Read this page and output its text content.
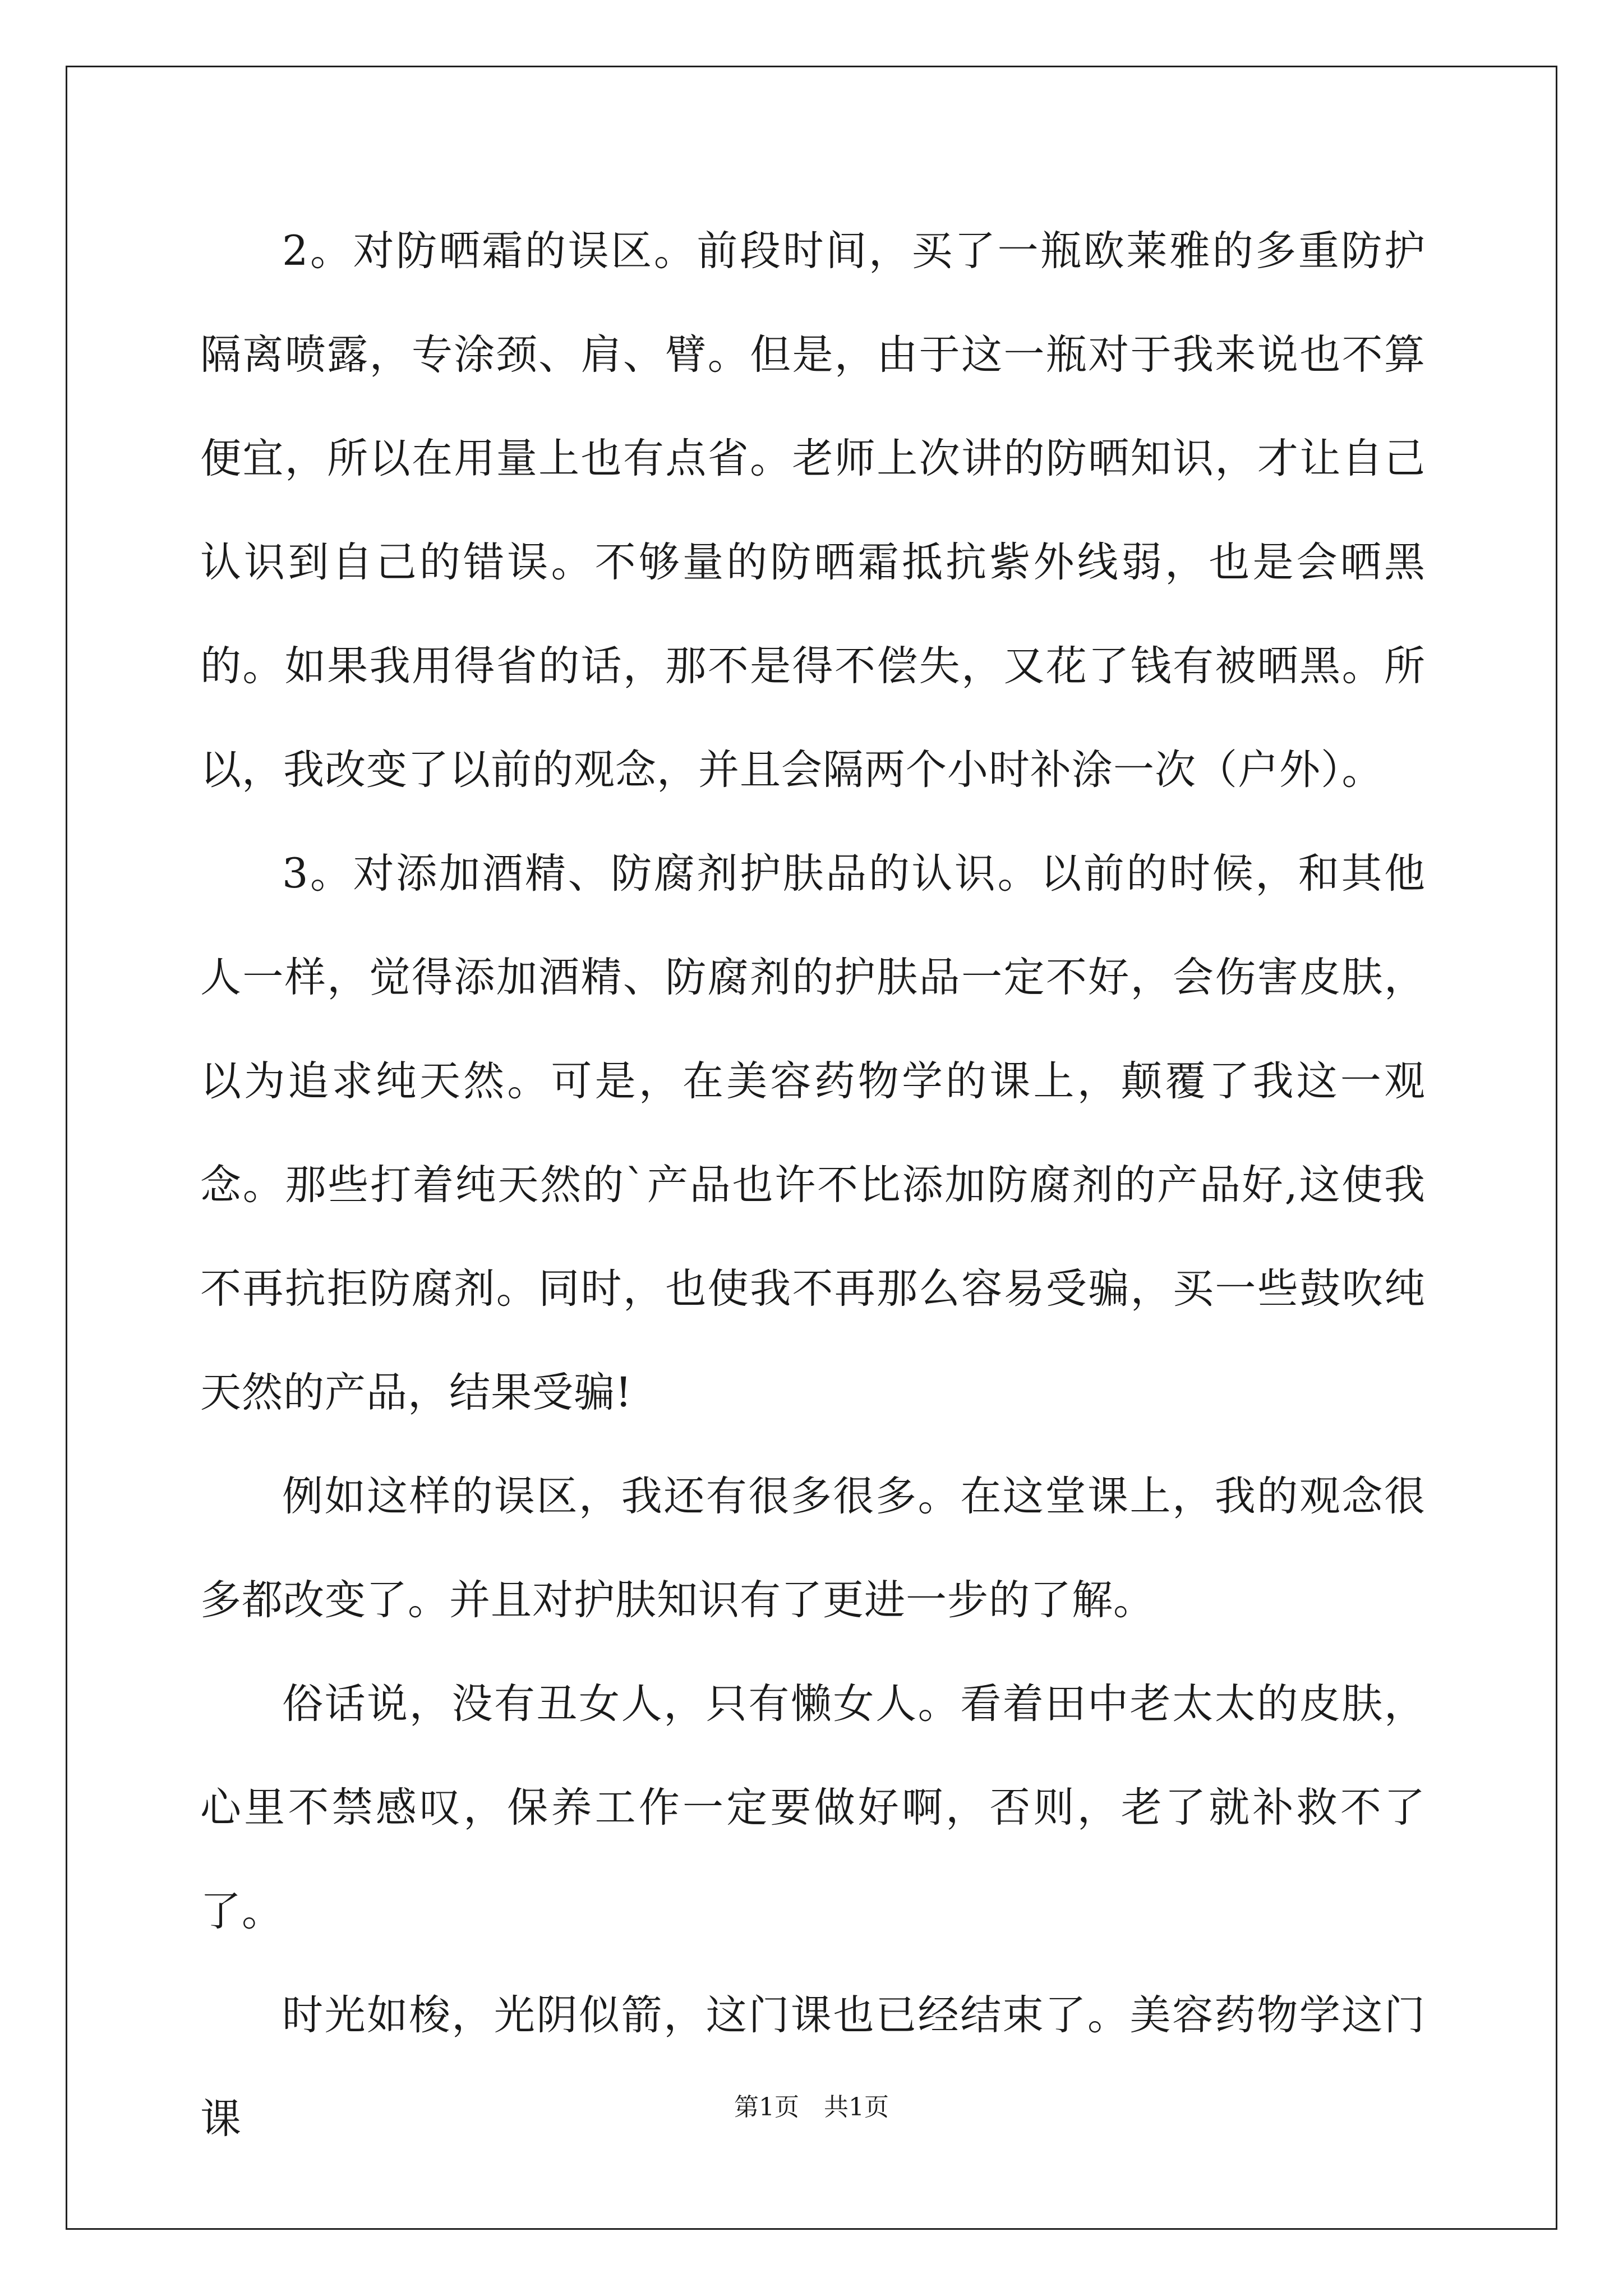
2。对防晒霜的误区。前段时间，买了一瓶欧莱雅的多重防护隔离喷露，专涂颈、肩、臂。但是，由于这一瓶对于我来说也不算便宜，所以在用量上也有点省。老师上次讲的防晒知识，才让自己认识到自己的错误。不够量的防晒霜抵抗紫外线弱，也是会晒黑的。如果我用得省的话，那不是得不偿失，又花了钱有被晒黑。所以，我改变了以前的观念，并且会隔两个小时补涂一次（户外）。

3。对添加酒精、防腐剂护肤品的认识。以前的时候，和其他人一样，觉得添加酒精、防腐剂的护肤品一定不好，会伤害皮肤，以为追求纯天然。可是，在美容药物学的课上，颠覆了我这一观念。那些打着纯天然的`产品也许不比添加防腐剂的产品好,这使我不再抗拒防腐剂。同时，也使我不再那么容易受骗，买一些鼓吹纯天然的产品，结果受骗!

例如这样的误区，我还有很多很多。在这堂课上，我的观念很多都改变了。并且对护肤知识有了更进一步的了解。

俗话说，没有丑女人，只有懒女人。看着田中老太太的皮肤，心里不禁感叹，保养工作一定要做好啊，否则，老了就补救不了了。

时光如梭，光阴似箭，这门课也已经结束了。美容药物学这门课	第1页 共1页
